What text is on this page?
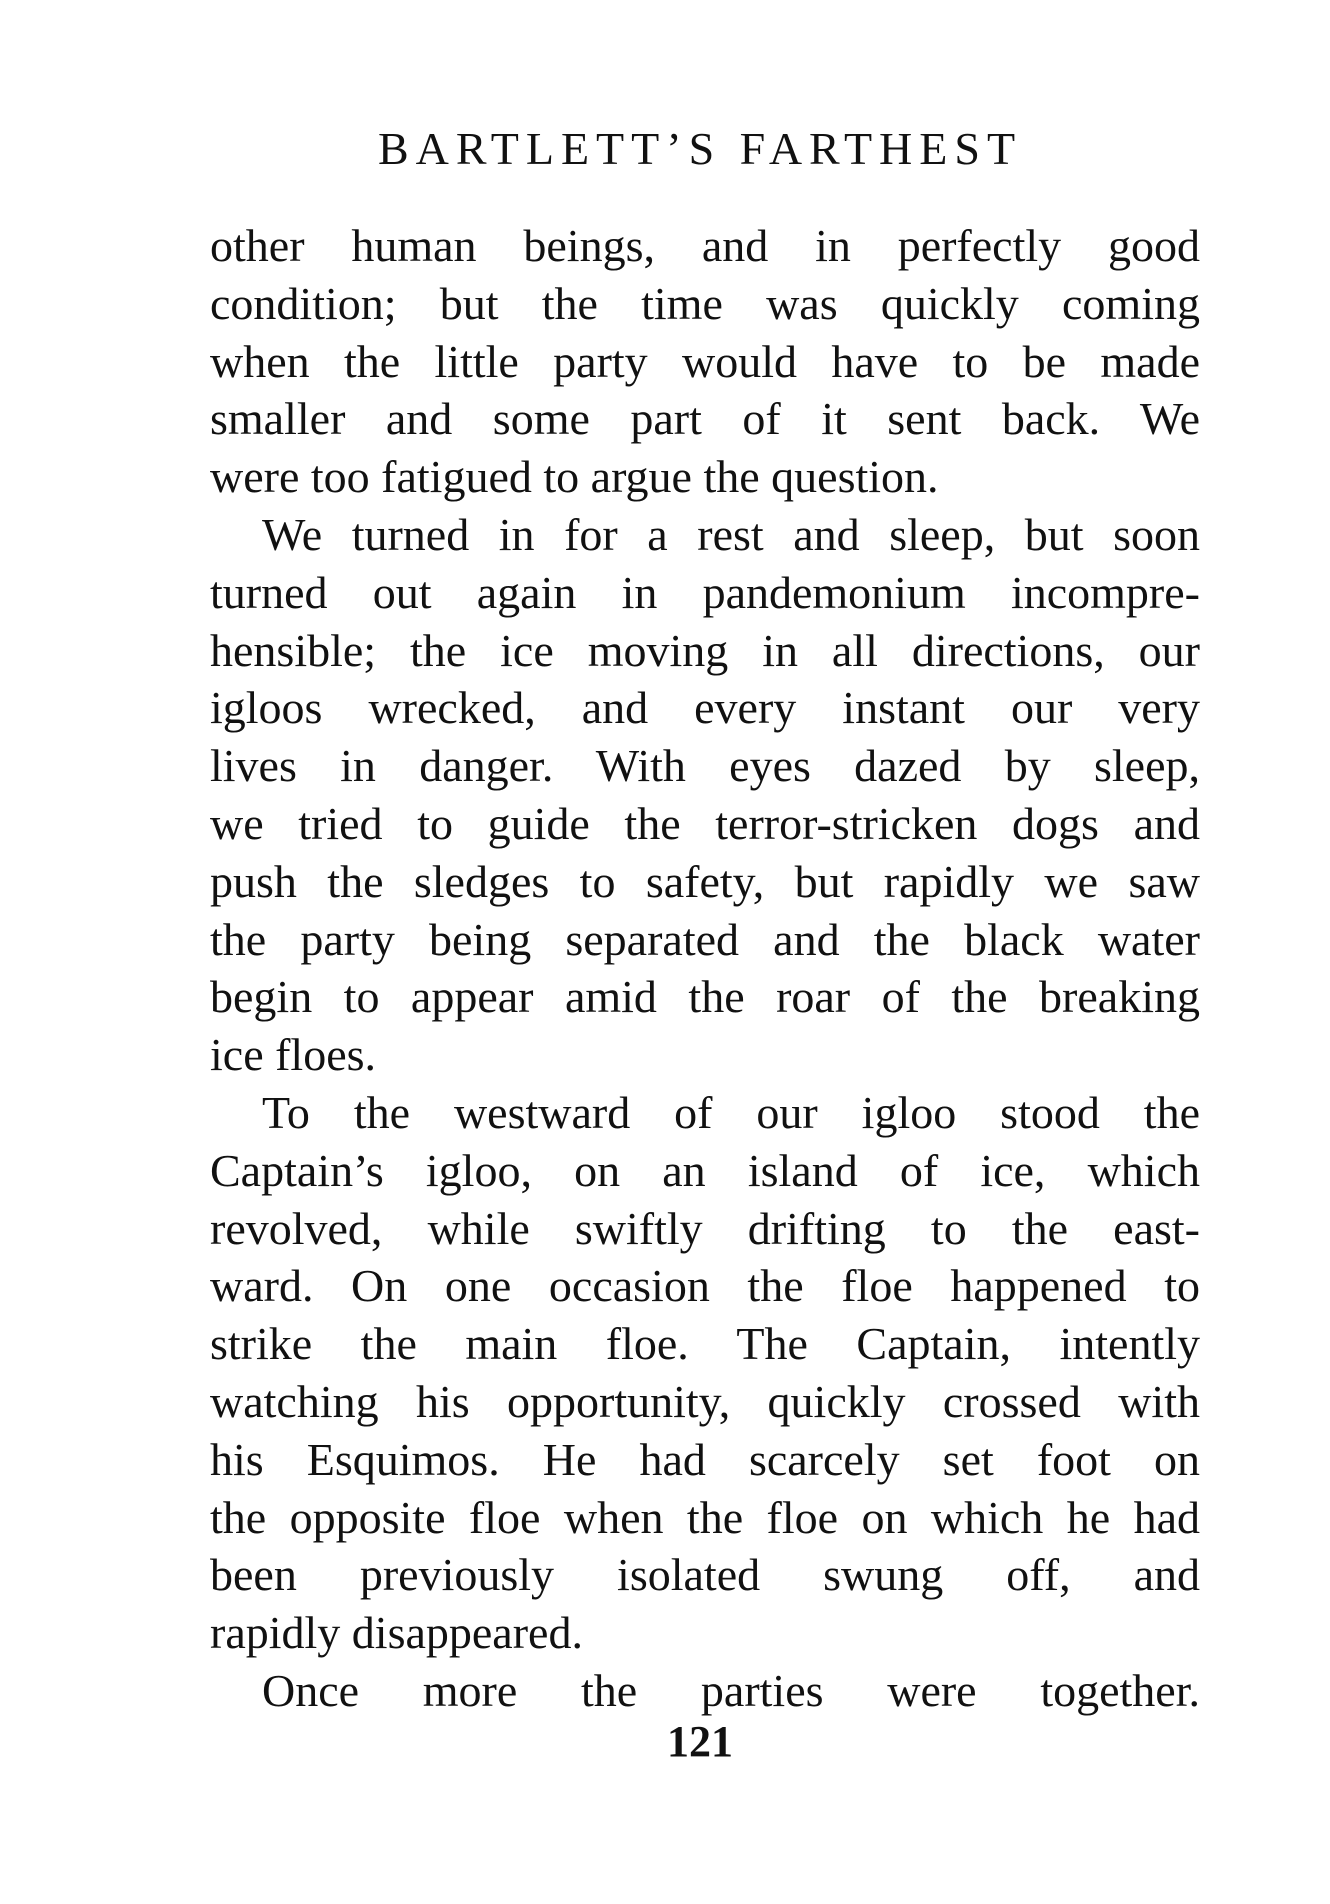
BARTLETT’S FARTHEST
other human beings, and in perfectly good
condition; but the time was quickly coming
when the little party would have to be made
smaller and some part of it sent back. We
were too fatigued to argue the question.
We turned in for a rest and sleep, but soon
turned out again in pandemonium incompre-
hensible; the ice moving in all directions, our
igloos wrecked, and every instant our very
lives in danger. With eyes dazed by sleep,
we tried to guide the terror-stricken dogs and
push the sledges to safety, but rapidly we saw
the party being separated and the black water
begin to appear amid the roar of the breaking
ice floes.
To the westward of our igloo stood the
Captain’s igloo, on an island of ice, which
revolved, while swiftly drifting to the east-
ward. On one occasion the floe happened to
strike the main floe. The Captain, intently
watching his opportunity, quickly crossed with
his Esquimos. He had scarcely set foot on
the opposite floe when the floe on which he had
been previously isolated swung off, and
rapidly disappeared.
Once more the parties were together.
121
